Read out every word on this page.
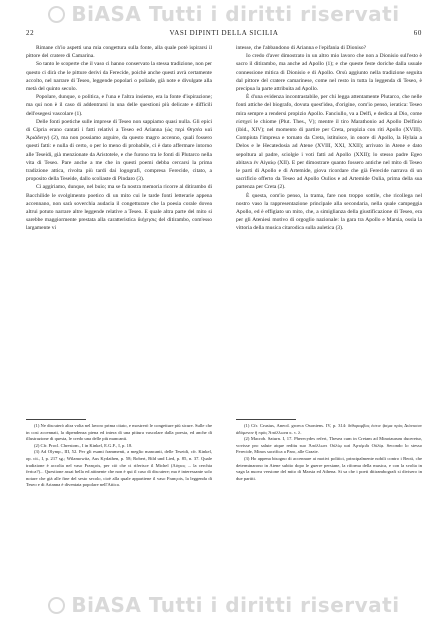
BiASA Tutti i diritti riservati
22	VASI DIPINTI DELLA SICILIA	60

Rimane ch'io aspetti una mia congettura sulla fonte, alla quale potè ispirarsi il pittore del cratere di Camarina.

So tanto le scoperte che il vaso ci hanno conservato la stessa tradizione, non per questo ci dirà che le pitture derivi da Ferecide, poichè anche questi avrà certamente accolto, nel narrare di Teseo, leggende popolari o poliade, già note e divulgate alla metà del quinto secolo.

Popolare, dunque, o politica, e l'una e l'altra insieme, era la fonte d'ispirazione; ma qui non è il caso di addentrarsi in una delle questioni più delicate e difficili dell'esegesi vascolare (1).

Delle fonti poetiche sulle imprese di Teseo non sappiamo quasi nulla. Gli epici di Cipria erano cantati i fatti relativi a Teseo ed Arianna (ὡς περὶ Θησέα καὶ Ἀριάδνην) (2), ma non possiamo arguire, da questo magro accenno, quali fossero questi fatti: e nulla di certo, o per lo meno di probabile, ci è dato affermare intorno alle Teseidi, già menzionate da Aristotele, e che furono tra le fonti di Plutarco nella vita di Teseo. Pare anche a me che in questi poemi debba cercarsi la prima tradizione attica, rivolta più tardi dai logografi, compresa Ferecide, citato, a proposito della Teseide, dallo scoliaste di Pindaro (3).

Ci aggiriamo, dunque, nel buio; ma se fa nostra memoria ricorre al ditirambo di Bacchilide le svolgimento poetico di un mito cui le tarde fonti letterarie appena accennano, non sarà soverchia audacia il congetturare che la poesia corale dovea altrui potuto narrare altre leggende relative a Teseo. E quale altra parte del mito si sarebbe maggiormente prestata alla caratteristica διήγησις del ditirambo, com'esso largamente vi

(1) Ne discuterò altra volta nel lavoro prima citato, e mostrerò le congetture più sicure. Sulle che in cosi accennati, la dipendenza piena ed intera di una pittura vascolare dalla poesia, ed anche di illustrazione di questa, le credo una delle più mancanti.

(2) Cfr. Procl. Chrestom., I in Kinkel, E.G.F., I, p. 18.

(3) Ad Olymp., III, 52. Per gli esami frammenti, a meglio mancanti, delle Teseidi, cfr. Kinkel, op. cit., I, p. 217 sg.; Wilamowitz, Aus Kydathen, p. 58; Robert, Bild und Lied, p. 85, n. 37. Quale tradizione è accolta nel vaso François, per ciò che ci riferisce il Michel (Λόγιος ... la cerchia ferica?)... Questione assai bella ed attinente che non è qui il caso di discutere; ma è interessante solo notare che già alle fine del sesto secolo, cioè alla quale appartiene il vaso François, la leggenda di Teseo e di Arianna è diventata popolare nell'Attica.

intesse, che l'abbandono di Arianna e l'epifania di Dioniso?

Io credo d'aver dimostrato in un altro mio lavoro che non a Dionisio sull'esto è sacro il ditirambo, ma anche ad Apollo (1); e che queste feste doriche dalla usuale connessione mitica di Dionisio e di Apollo. Orsù aggiunto nella tradizione seguita dal pittore del cratere camarinese, come nel resto in tutta la leggenda di Teseo, è precipua la parte attribuita ad Apollo.

È d'una evidenza incontrastabile, per chi legga attentamente Plutarco, che nelle fonti attiche del biografo, dovuta quest'idea, d'origine, com'io penso, ieratica: Teseo mira sempre a rendersi propizio Apollo. Fanciullo, va a Delfi, e dedica al Dio, come είσηγεί le chiome (Plut. Thes., V); mentre il tiro Marathonio ad Apollo Delfinio (ibid., XIV); nel momento di partire per Creta, propizia con riti Apollo (XVIII). Compiuta l'impresa e tornato da Creta, istituisce, in onore di Apollo, la Hylaia a Delos e le Hecatedosia ad Atene (XVIII, XXI, XXII); arrivato in Atene e dato sepoltura al padre, sciolgie i voti fatti ad Apollo (XXII); lo stesso padre Egeo abitava ἐν Αἰγαίῳ (XII). E per dimostrare quanto fossero antiche nel mito di Teseo le parti di Apollo e di Artemide, giova ricordare che già Ferecide narrava di un sacrificio offerto da Teseo ad Apollo Oulios e ad Artemide Oulia, prima della sua partenza per Creta (2).

È questa, com'io penso, la trama, fare non troppo sottile, che ricollega nel nostro vaso la rappresentazione principale alla secondaria, nella quale campeggia Apollo, ed è effigiato un mito, che, a simiglianza della giustificazione di Teseo, era per gli Ateniesi motivo di orgoglio nazionale: la gara tra Apollo e Marsia, ossia la vittoria della musica citarodica sulla auletica (3).

(1) Cfr. Crusius, Anecd. groeca Oxoniens. IV, p. 314: διθυραμβος ἐστιν ᾄσμα πρὸς Διόνυσον ἀδόμενον ἢ πρὸς Ἀπόλλωνα κ. τ. λ.

(2) Macrob. Saturn. I, 17. Pherecydes refert, Thesea cum in Cretam ad Minotaurum duceretur, vovisse pro salute atque reditu suo Ἀπόλλωνι Οὐλίῳ καὶ Ἀρτέμιδι Οὐλίᾳ. Secondo lo stesso Ferecide, Minos sacrifica a Paro, alle Grazie.

(3) Ho appena bisogno di accennare ai motivi politici, principalmente nobili contro i Beoti, che determinarono in Atene subito dopo le guerre persiane, la riforma della musica, e con la svolta in vaga la nuova versione del mito di Marsia ed Athena. Si sa che i poeti ditirambografi si divisero in due partiti.

BiASA Tutti i diritti riservati
